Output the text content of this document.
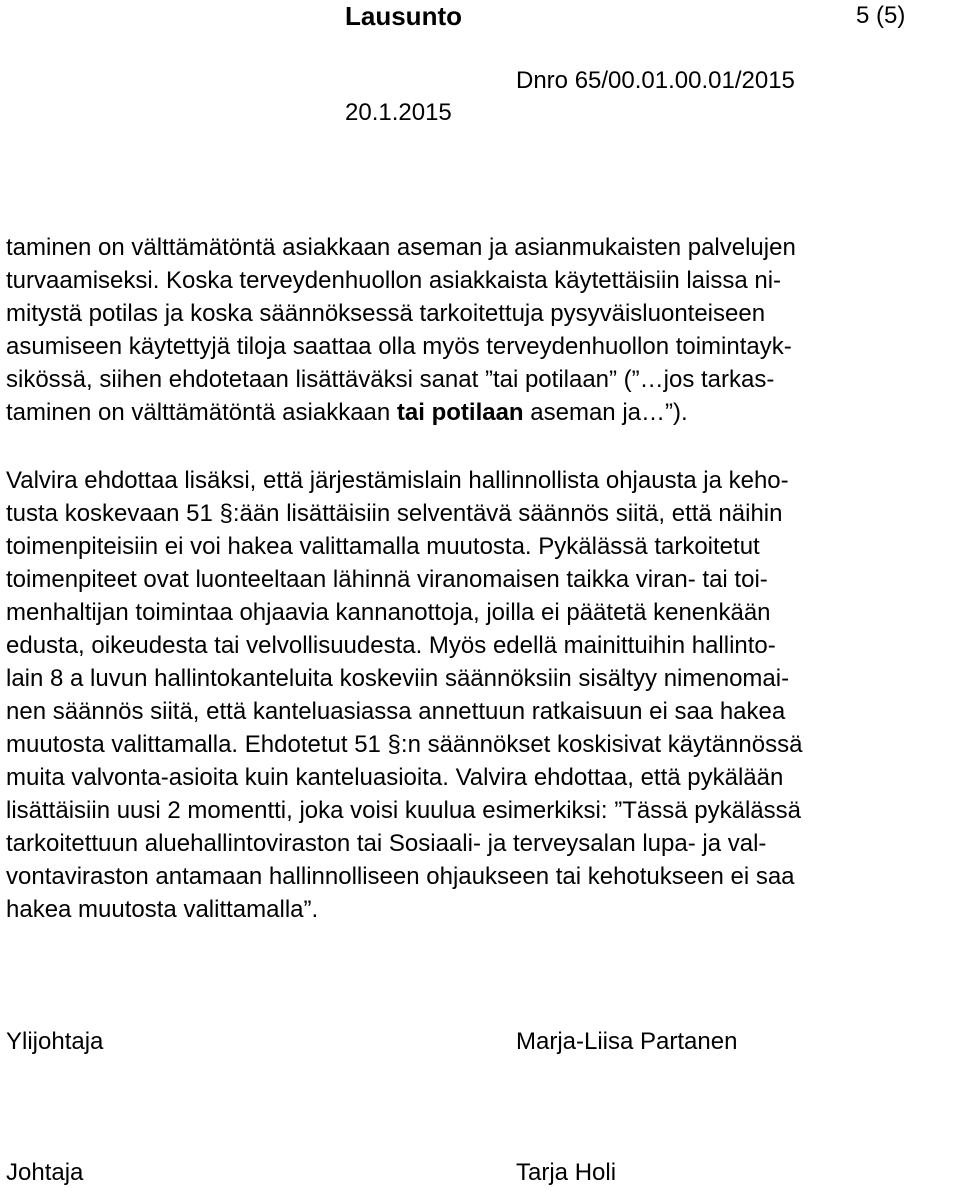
Lausunto	5 (5)
Dnro 65/00.01.00.01/2015
20.1.2015

taminen on välttämätöntä asiakkaan aseman ja asianmukaisten palvelujen
turvaamiseksi. Koska terveydenhuollon asiakkaista käytettäisiin laissa ni-
mitystä potilas ja koska säännöksessä tarkoitettuja pysyväisluonteiseen
asumiseen käytettyjä tiloja saattaa olla myös terveydenhuollon toimintayk-
sikössä, siihen ehdotetaan lisättäväksi sanat ”tai potilaan” (”…jos tarkas-
taminen on välttämätöntä asiakkaan tai potilaan aseman ja…”).

Valvira ehdottaa lisäksi, että järjestämislain hallinnollista ohjausta ja keho-
tusta koskevaan 51 §:ään lisättäisiin selventävä säännös siitä, että näihin
toimenpiteisiin ei voi hakea valittamalla muutosta. Pykälässä tarkoitetut
toimenpiteet ovat luonteeltaan lähinnä viranomaisen taikka viran- tai toi-
menhaltijan toimintaa ohjaavia kannanottoja, joilla ei päätetä kenenkään
edusta, oikeudesta tai velvollisuudesta. Myös edellä mainittuihin hallinto-
lain 8 a luvun hallintokanteluita koskeviin säännöksiin sisältyy nimenomai-
nen säännös siitä, että kanteluasiassa annettuun ratkaisuun ei saa hakea
muutosta valittamalla. Ehdotetut 51 §:n säännökset koskisivat käytännössä
muita valvonta-asioita kuin kanteluasioita. Valvira ehdottaa, että pykälään
lisättäisiin uusi 2 momentti, joka voisi kuulua esimerkiksi: ”Tässä pykälässä
tarkoitettuun aluehallintoviraston tai Sosiaali- ja terveysalan lupa- ja val-
vontaviraston antamaan hallinnolliseen ohjaukseen tai kehotukseen ei saa
hakea muutosta valittamalla”.

Ylijohtaja	Marja-Liisa Partanen
Johtaja	Tarja Holi
